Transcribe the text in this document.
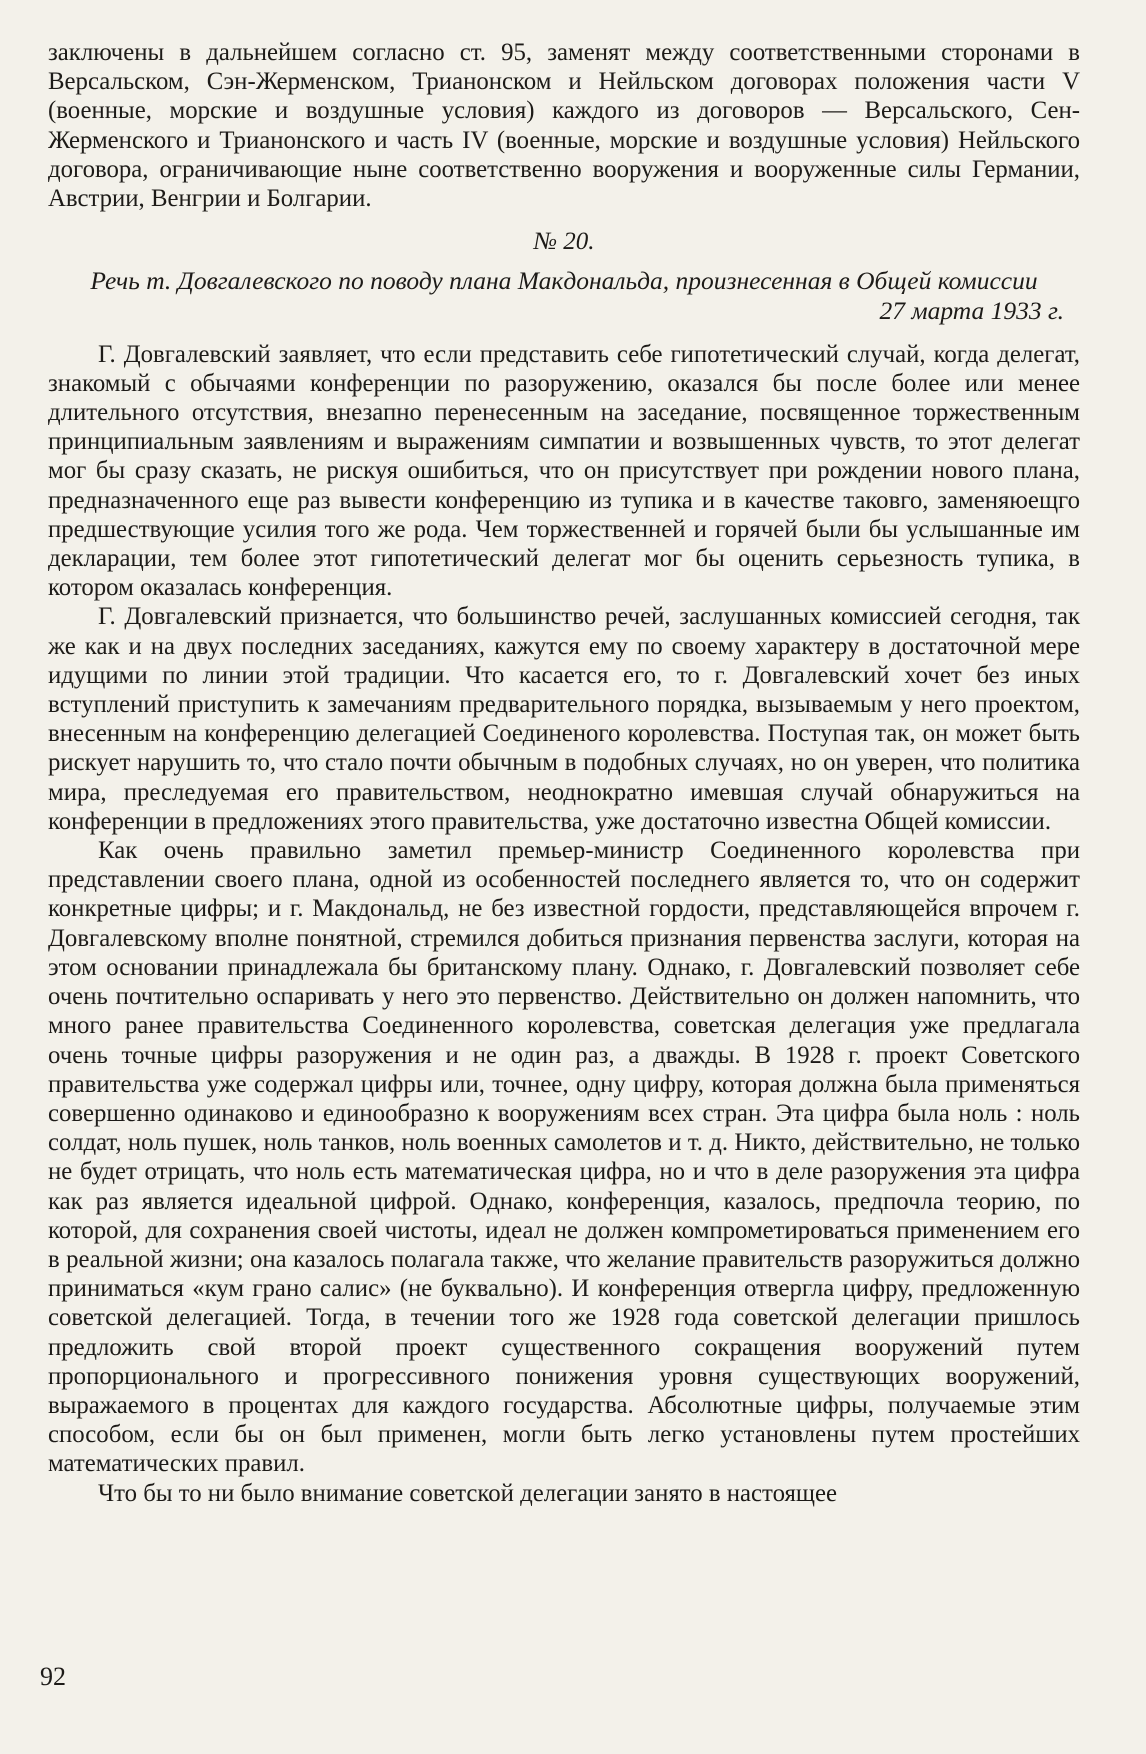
заключены в дальнейшем согласно ст. 95, заменят между соответственными сторонами в Версальском, Сэн-Жерменском, Трианонском и Нейльском договорах положения части V (военные, морские и воздушные условия) каждого из договоров — Версальского, Сен-Жерменского и Трианонского и часть IV (военные, морские и воздушные условия) Нейльского договора, ограничивающие ныне соответственно вооружения и вооруженные силы Германии, Австрии, Венгрии и Болгарии.

№ 20.

Речь т. Довгалевского по поводу плана Макдональда, произнесенная в Общей комиссии

27 марта 1933 г.

Г. Довгалевский заявляет, что если представить себе гипотетический случай, когда делегат, знакомый с обычаями конференции по разоружению, оказался бы после более или менее длительного отсутствия, внезапно перенесенным на заседание, посвященное торжественным принципиальным заявлениям и выражениям симпатии и возвышенных чувств, то этот делегат мог бы сразу сказать, не рискуя ошибиться, что он присутствует при рождении нового плана, предназначенного еще раз вывести конференцию из тупика и в качестве таковго, заменяюещго предшествующие усилия того же рода. Чем торжественней и горячей были бы услышанные им декларации, тем более этот гипотетический делегат мог бы оценить серьезность тупика, в котором оказалась конференция.

Г. Довгалевский признается, что большинство речей, заслушанных комиссией сегодня, так же как и на двух последних заседаниях, кажутся ему по своему характеру в достаточной мере идущими по линии этой традиции. Что касается его, то г. Довгалевский хочет без иных вступлений приступить к замечаниям предварительного порядка, вызываемым у него проектом, внесенным на конференцию делегацией Соединеного королевства. Поступая так, он может быть рискует нарушить то, что стало почти обычным в подобных случаях, но он уверен, что политика мира, преследуемая его правительством, неоднократно имевшая случай обнаружиться на конференции в предложениях этого правительства, уже достаточно известна Общей комиссии.

Как очень правильно заметил премьер-министр Соединенного королевства при представлении своего плана, одной из особенностей последнего является то, что он содержит конкретные цифры; и г. Макдональд, не без известной гордости, представляющейся впрочем г. Довгалевскому вполне понятной, стремился добиться признания первенства заслуги, которая на этом основании принадлежала бы британскому плану. Однако, г. Довгалевский позволяет себе очень почтительно оспаривать у него это первенство. Действительно он должен напомнить, что много ранее правительства Соединенного королевства, советская делегация уже предлагала очень точные цифры разоружения и не один раз, а дважды. В 1928 г. проект Советского правительства уже содержал цифры или, точнее, одну цифру, которая должна была применяться совершенно одинаково и единообразно к вооружениям всех стран. Эта цифра была ноль : ноль солдат, ноль пушек, ноль танков, ноль военных самолетов и т. д. Никто, действительно, не только не будет отрицать, что ноль есть математическая цифра, но и что в деле разоружения эта цифра как раз является идеальной цифрой. Однако, конференция, казалось, предпочла теорию, по которой, для сохранения своей чистоты, идеал не должен компрометироваться применением его в реальной жизни; она казалось полагала также, что желание правительств разоружиться должно приниматься «кум грано салис» (не буквально). И конференция отвергла цифру, предложенную советской делегацией. Тогда, в течении того же 1928 года советской делегации пришлось предложить свой второй проект существенного сокращения вооружений путем пропорционального и прогрессивного понижения уровня существующих вооружений, выражаемого в процентах для каждого государства. Абсолютные цифры, получаемые этим способом, если бы он был применен, могли быть легко установлены путем простейших математических правил.

Что бы то ни было внимание советской делегации занято в настоящее

92
